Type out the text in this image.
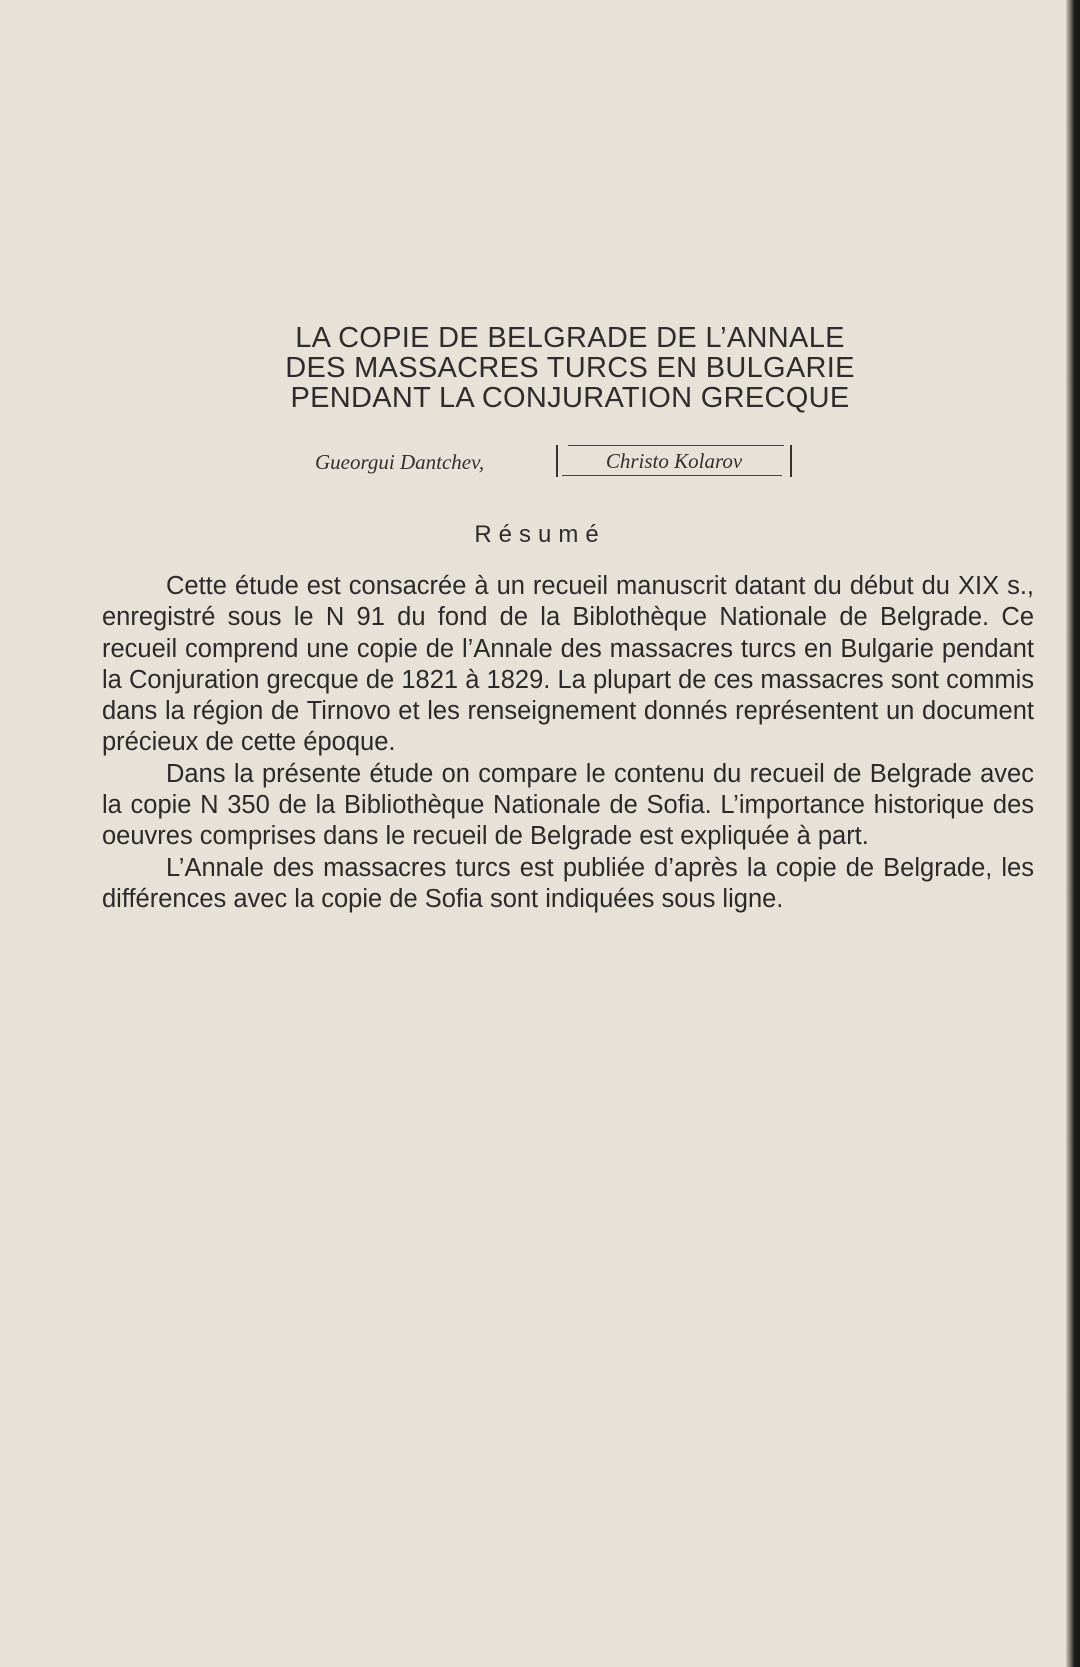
LA COPIE DE BELGRADE DE L’ANNALE
DES MASSACRES TURCS EN BULGARIE
PENDANT LA CONJURATION GRECQUE
Gueorgui Dantchev,	Christo Kolarov
Résumé

Cette étude est consacrée à un recueil manuscrit datant du début du XIX s., enregistré sous le N 91 du fond de la Biblothèque Nationale de Belgrade. Ce recueil comprend une copie de l’Annale des massacres turcs en Bulgarie pendant la Conjuration grecque de 1821 à 1829. La plupart de ces massacres sont commis dans la région de Tirnovo et les renseignement donnés représentent un document précieux de cette époque.

Dans la présente étude on compare le contenu du recueil de Belgrade avec la copie N 350 de la Bibliothèque Nationale de Sofia. L’importance historique des oeuvres comprises dans le recueil de Belgrade est expliquée à part.

L’Annale des massacres turcs est publiée d’après la copie de Belgrade, les différences avec la copie de Sofia sont indiquées sous ligne.
